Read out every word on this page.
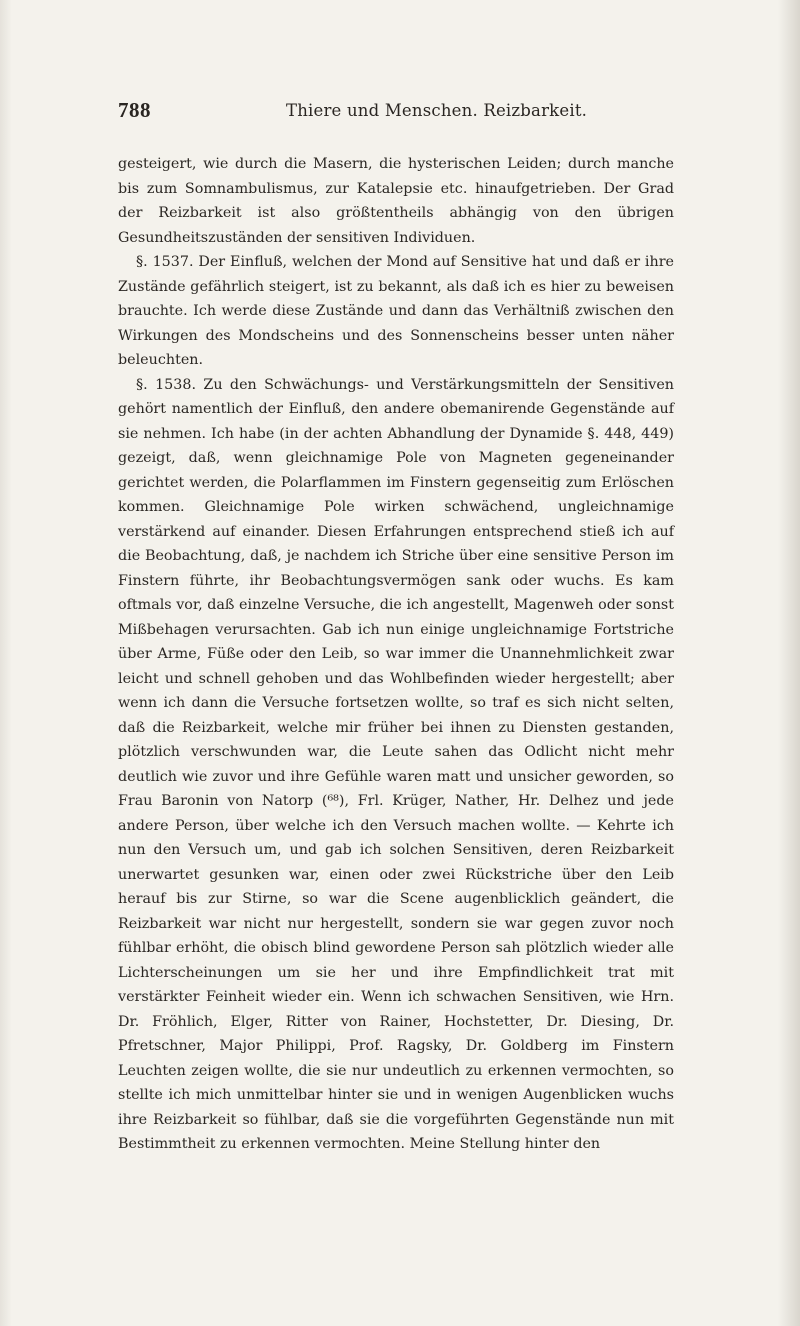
788	Thiere und Menschen. Reizbarkeit.

gesteigert, wie durch die Masern, die hysterischen Leiden; durch manche bis zum Somnambulismus, zur Katalepsie etc. hinaufgetrieben. Der Grad der Reizbarkeit ist also größtentheils abhängig von den übrigen Gesundheitszuständen der sensitiven Individuen.

§. 1537. Der Einfluß, welchen der Mond auf Sensitive hat und daß er ihre Zustände gefährlich steigert, ist zu bekannt, als daß ich es hier zu beweisen brauchte. Ich werde diese Zustände und dann das Verhältniß zwischen den Wirkungen des Mondscheins und des Sonnenscheins besser unten näher beleuchten.

§. 1538. Zu den Schwächungs- und Verstärkungsmitteln der Sensitiven gehört namentlich der Einfluß, den andere obemanirende Gegenstände auf sie nehmen. Ich habe (in der achten Abhandlung der Dynamide §. 448, 449) gezeigt, daß, wenn gleichnamige Pole von Magneten gegeneinander gerichtet werden, die Polarflammen im Finstern gegenseitig zum Erlöschen kommen. Gleichnamige Pole wirken schwächend, ungleichnamige verstärkend auf einander. Diesen Erfahrungen entsprechend stieß ich auf die Beobachtung, daß, je nachdem ich Striche über eine sensitive Person im Finstern führte, ihr Beobachtungsvermögen sank oder wuchs. Es kam oftmals vor, daß einzelne Versuche, die ich angestellt, Magenweh oder sonst Mißbehagen verursachten. Gab ich nun einige ungleichnamige Fortstriche über Arme, Füße oder den Leib, so war immer die Unannehmlichkeit zwar leicht und schnell gehoben und das Wohlbefinden wieder hergestellt; aber wenn ich dann die Versuche fortsetzen wollte, so traf es sich nicht selten, daß die Reizbarkeit, welche mir früher bei ihnen zu Diensten gestanden, plötzlich verschwunden war, die Leute sahen das Odlicht nicht mehr deutlich wie zuvor und ihre Gefühle waren matt und unsicher geworden, so Frau Baronin von Natorp (⁶⁸), Frl. Krüger, Nather, Hr. Delhez und jede andere Person, über welche ich den Versuch machen wollte. — Kehrte ich nun den Versuch um, und gab ich solchen Sensitiven, deren Reizbarkeit unerwartet gesunken war, einen oder zwei Rückstriche über den Leib herauf bis zur Stirne, so war die Scene augenblicklich geändert, die Reizbarkeit war nicht nur hergestellt, sondern sie war gegen zuvor noch fühlbar erhöht, die obisch blind gewordene Person sah plötzlich wieder alle Lichterscheinungen um sie her und ihre Empfindlichkeit trat mit verstärkter Feinheit wieder ein. Wenn ich schwachen Sensitiven, wie Hrn. Dr. Fröhlich, Elger, Ritter von Rainer, Hochstetter, Dr. Diesing, Dr. Pfretschner, Major Philippi, Prof. Ragsky, Dr. Goldberg im Finstern Leuchten zeigen wollte, die sie nur undeutlich zu erkennen vermochten, so stellte ich mich unmittelbar hinter sie und in wenigen Augenblicken wuchs ihre Reizbarkeit so fühlbar, daß sie die vorgeführten Gegenstände nun mit Bestimmtheit zu erkennen vermochten. Meine Stellung hinter den
